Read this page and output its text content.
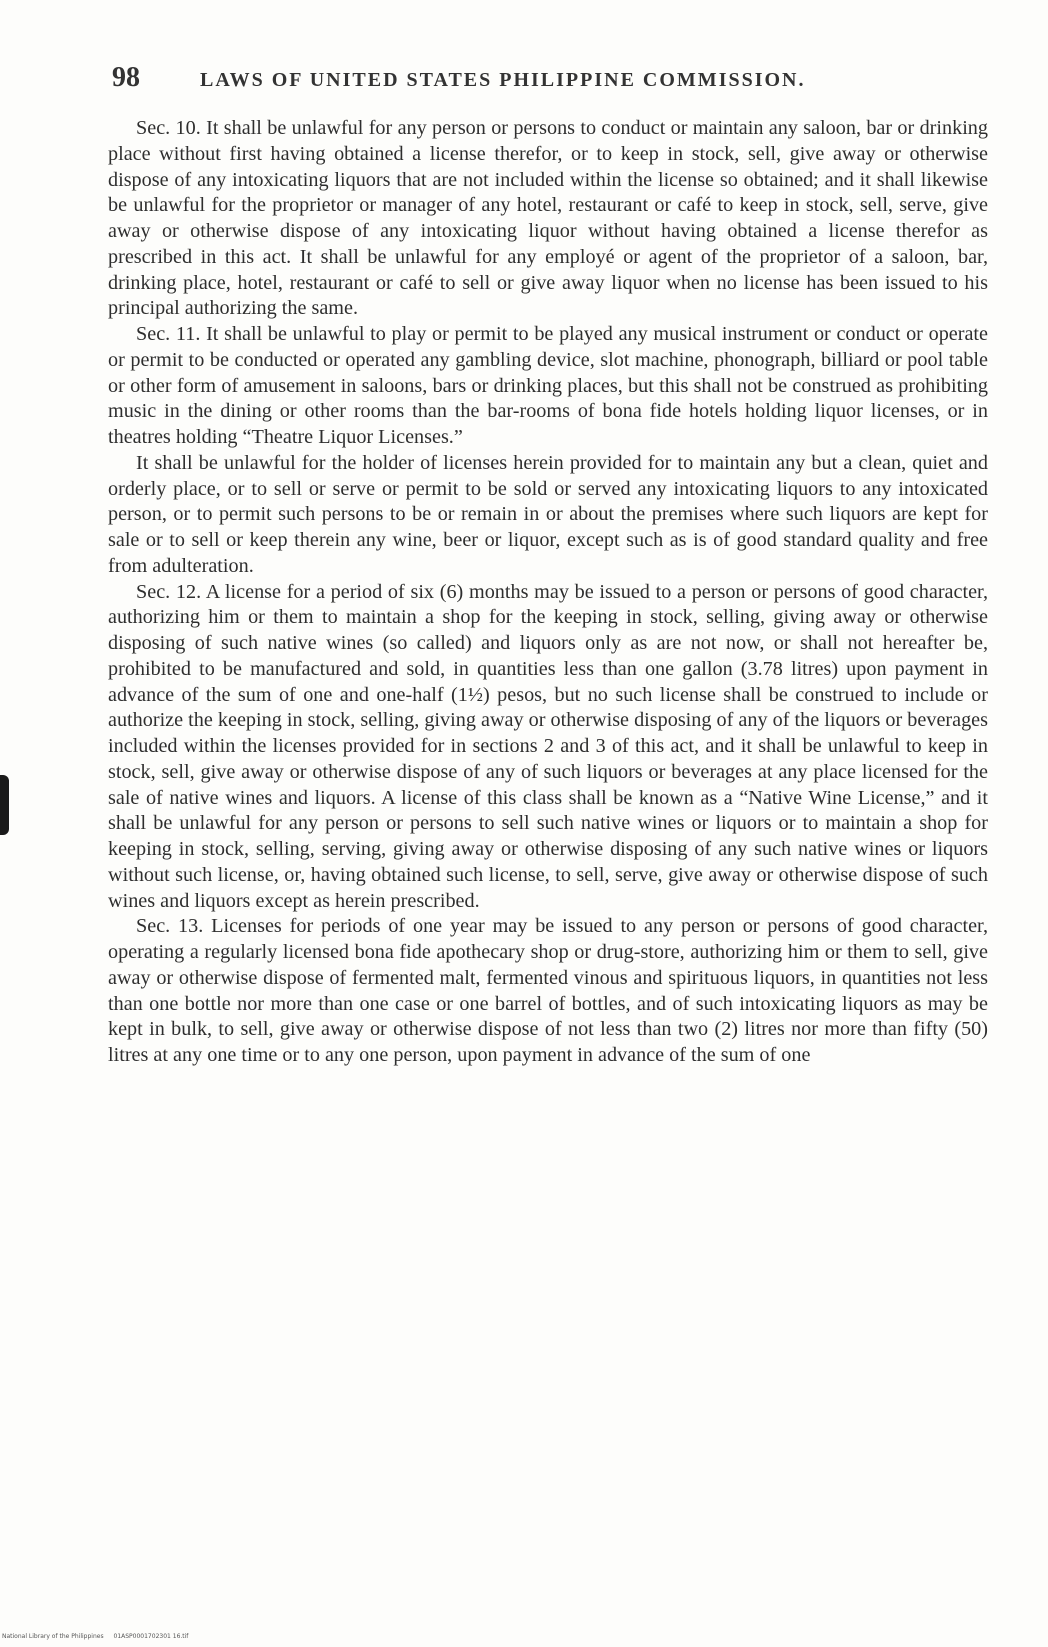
98	LAWS OF UNITED STATES PHILIPPINE COMMISSION.

Sec. 10. It shall be unlawful for any person or persons to conduct or maintain any saloon, bar or drinking place without first having obtained a license therefor, or to keep in stock, sell, give away or otherwise dispose of any intoxicating liquors that are not included within the license so obtained; and it shall likewise be unlawful for the proprietor or manager of any hotel, restaurant or café to keep in stock, sell, serve, give away or otherwise dispose of any intoxicating liquor without having obtained a license therefor as prescribed in this act. It shall be unlawful for any employé or agent of the proprietor of a saloon, bar, drinking place, hotel, restaurant or café to sell or give away liquor when no license has been issued to his principal authorizing the same.

Sec. 11. It shall be unlawful to play or permit to be played any musical instrument or conduct or operate or permit to be conducted or operated any gambling device, slot machine, phonograph, billiard or pool table or other form of amusement in saloons, bars or drinking places, but this shall not be construed as prohibiting music in the dining or other rooms than the bar-rooms of bona fide hotels holding liquor licenses, or in theatres holding “Theatre Liquor Licenses.”

It shall be unlawful for the holder of licenses herein provided for to maintain any but a clean, quiet and orderly place, or to sell or serve or permit to be sold or served any intoxicating liquors to any intoxicated person, or to permit such persons to be or remain in or about the premises where such liquors are kept for sale or to sell or keep therein any wine, beer or liquor, except such as is of good standard quality and free from adulteration.

Sec. 12. A license for a period of six (6) months may be issued to a person or persons of good character, authorizing him or them to maintain a shop for the keeping in stock, selling, giving away or otherwise disposing of such native wines (so called) and liquors only as are not now, or shall not hereafter be, prohibited to be manufactured and sold, in quantities less than one gallon (3.78 litres) upon payment in advance of the sum of one and one-half (1½) pesos, but no such license shall be construed to include or authorize the keeping in stock, selling, giving away or otherwise disposing of any of the liquors or beverages included within the licenses provided for in sections 2 and 3 of this act, and it shall be unlawful to keep in stock, sell, give away or otherwise dispose of any of such liquors or beverages at any place licensed for the sale of native wines and liquors. A license of this class shall be known as a “Native Wine License,” and it shall be unlawful for any person or persons to sell such native wines or liquors or to maintain a shop for keeping in stock, selling, serving, giving away or otherwise disposing of any such native wines or liquors without such license, or, having obtained such license, to sell, serve, give away or otherwise dispose of such wines and liquors except as herein prescribed.

Sec. 13. Licenses for periods of one year may be issued to any person or persons of good character, operating a regularly licensed bona fide apothecary shop or drug-store, authorizing him or them to sell, give away or otherwise dispose of fermented malt, fermented vinous and spirituous liquors, in quantities not less than one bottle nor more than one case or one barrel of bottles, and of such intoxicating liquors as may be kept in bulk, to sell, give away or otherwise dispose of not less than two (2) litres nor more than fifty (50) litres at any one time or to any one person, upon payment in advance of the sum of one

National Library of the Philippines 01ASP0001702301 16.tif
